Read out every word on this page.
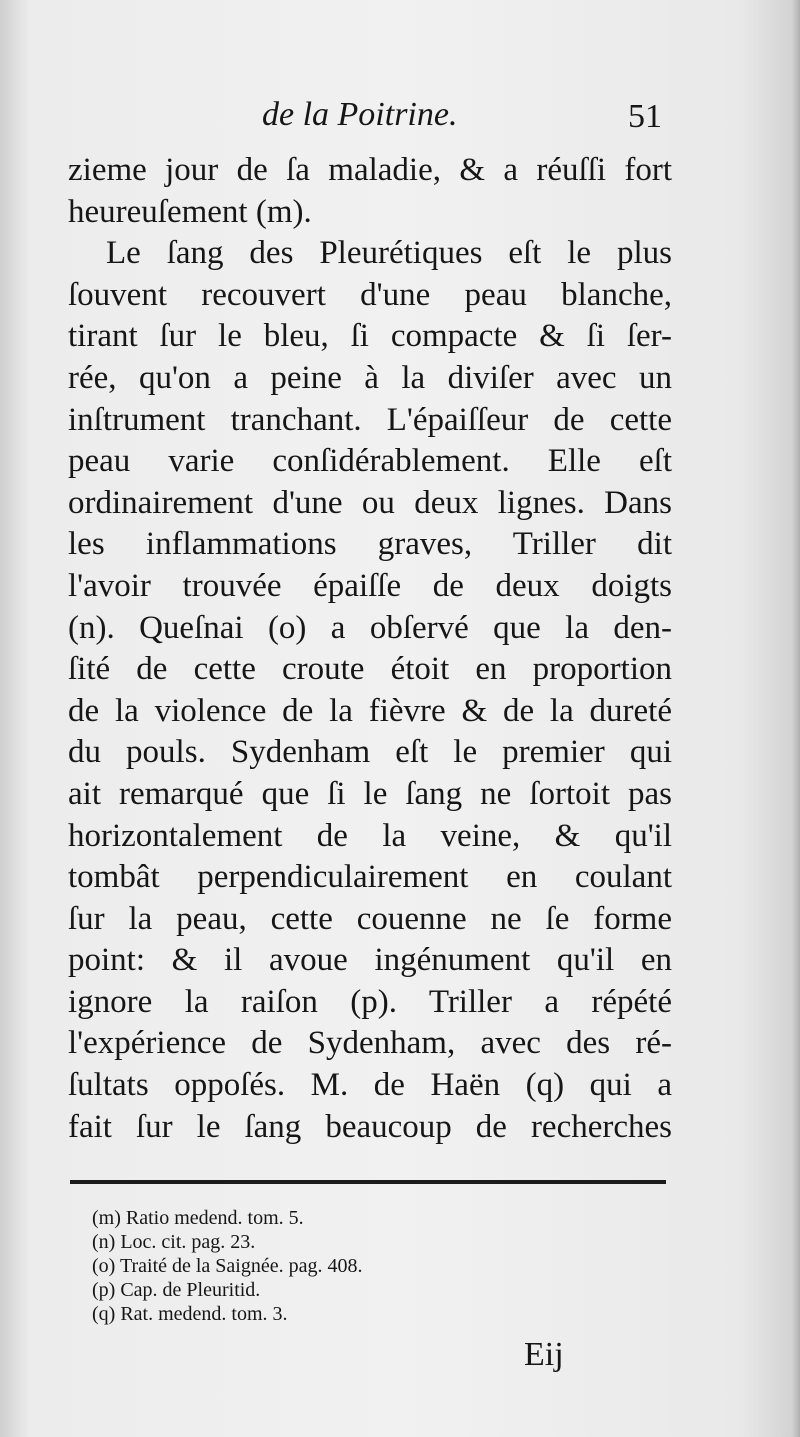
de la Poitrine.	51
zieme jour de ſa maladie, & a réuſſi fort
heureuſement (m).
Le ſang des Pleurétiques eſt le plus
ſouvent recouvert d'une peau blanche,
tirant ſur le bleu, ſi compacte & ſi ſer-
rée, qu'on a peine à la diviſer avec un
inſtrument tranchant. L'épaiſſeur de cette
peau varie conſidérablement. Elle eſt
ordinairement d'une ou deux lignes. Dans
les inflammations graves, Triller dit
l'avoir trouvée épaiſſe de deux doigts
(n). Queſnai (o) a obſervé que la den-
ſité de cette croute étoit en proportion
de la violence de la fièvre & de la dureté
du pouls. Sydenham eſt le premier qui
ait remarqué que ſi le ſang ne ſortoit pas
horizontalement de la veine, & qu'il
tombât perpendiculairement en coulant
ſur la peau, cette couenne ne ſe forme
point: & il avoue ingénument qu'il en
ignore la raiſon (p). Triller a répété
l'expérience de Sydenham, avec des ré-
ſultats oppoſés. M. de Haën (q) qui a
fait ſur le ſang beaucoup de recherches
(m) Ratio medend. tom. 5.
(n) Loc. cit. pag. 23.
(o) Traité de la Saignée. pag. 408.
(p) Cap. de Pleuritid.
(q) Rat. medend. tom. 3.
Eij
